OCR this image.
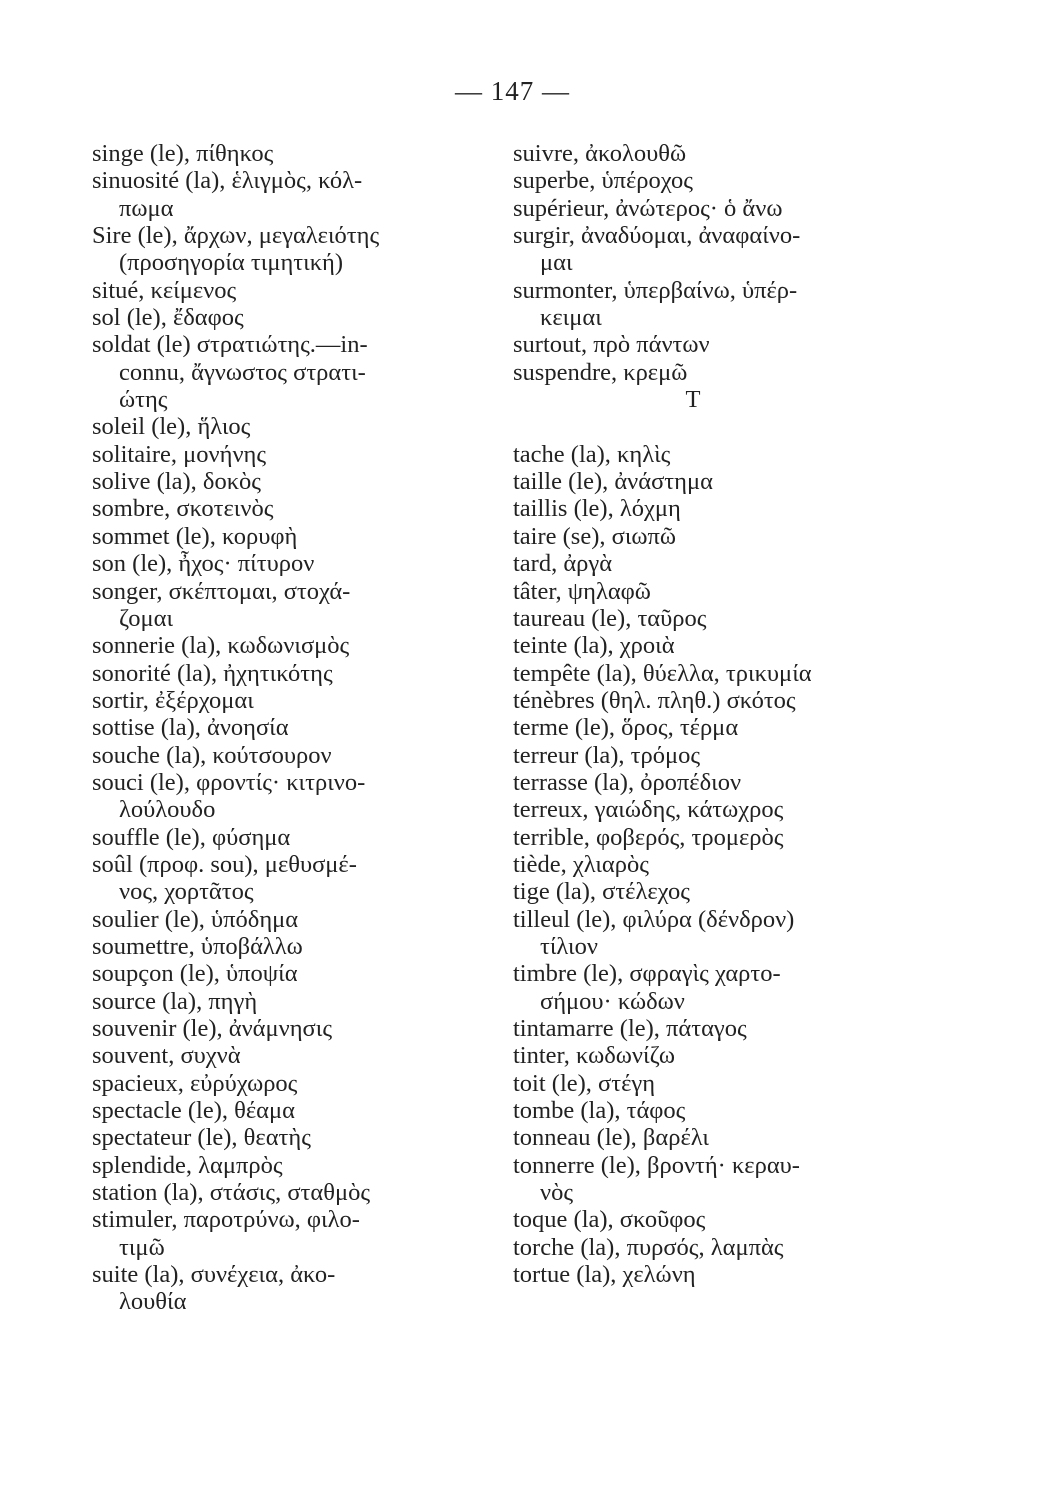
— 147 —
singe (le), πίθηκος
sinuosité (la), ἑλιγμὸς, κόλ-
πωμα
Sire (le), ἄρχων, μεγαλειότης
(προσηγορία τιμητική)
situé, κείμενος
sol (le), ἔδαφος
soldat (le) στρατιώτης.—in-
connu, ἄγνωστος στρατι-
ώτης
soleil (le), ἥλιος
solitaire, μονήνης
solive (la), δοκὸς
sombre, σκοτεινὸς
sommet (le), κορυφὴ
son (le), ἦχος· πίτυρον
songer, σκέπτομαι, στοχά-
ζομαι
sonnerie (la), κωδωνισμὸς
sonorité (la), ἠχητικότης
sortir, ἐξέρχομαι
sottise (la), ἀνοησία
souche (la), κούτσουρον
souci (le), φροντίς· κιτρινο-
λούλουδο
souffle (le), φύσημα
soûl (προφ. sou), μεθυσμέ-
νος, χορτᾶτος
soulier (le), ὑπόδημα
soumettre, ὑποβάλλω
soupçon (le), ὑποψία
source (la), πηγὴ
souvenir (le), ἀνάμνησις
souvent, συχνὰ
spacieux, εὐρύχωρος
spectacle (le), θέαμα
spectateur (le), θεατὴς
splendide, λαμπρὸς
station (la), στάσις, σταθμὸς
stimuler, παροτρύνω, φιλο-
τιμῶ
suite (la), συνέχεια, ἀκο-
λουθία
suivre, ἀκολουθῶ
superbe, ὑπέροχος
supérieur, ἀνώτερος· ὁ ἄνω
surgir, ἀναδύομαι, ἀναφαίνο-
μαι
surmonter, ὑπερβαίνω, ὑπέρ-
κειμαι
surtout, πρὸ πάντων
suspendre, κρεμῶ
T
tache (la), κηλὶς
taille (le), ἀνάστημα
taillis (le), λόχμη
taire (se), σιωπῶ
tard, ἀργὰ
tâter, ψηλαφῶ
taureau (le), ταῦρος
teinte (la), χροιὰ
tempête (la), θύελλα, τρικυμία
ténèbres (θηλ. πληθ.) σκότος
terme (le), ὅρος, τέρμα
terreur (la), τρόμος
terrasse (la), ὀροπέδιον
terreux, γαιώδης, κάτωχρος
terrible, φοβερός, τρομερὸς
tiède, χλιαρὸς
tige (la), στέλεχος
tilleul (le), φιλύρα (δένδρον)
τίλιον
timbre (le), σφραγὶς χαρτο-
σήμου· κώδων
tintamarre (le), πάταγος
tinter, κωδωνίζω
toit (le), στέγη
tombe (la), τάφος
tonneau (le), βαρέλι
tonnerre (le), βροντή· κεραυ-
νὸς
toque (la), σκοῦφος
torche (la), πυρσός, λαμπὰς
tortue (la), χελώνη
